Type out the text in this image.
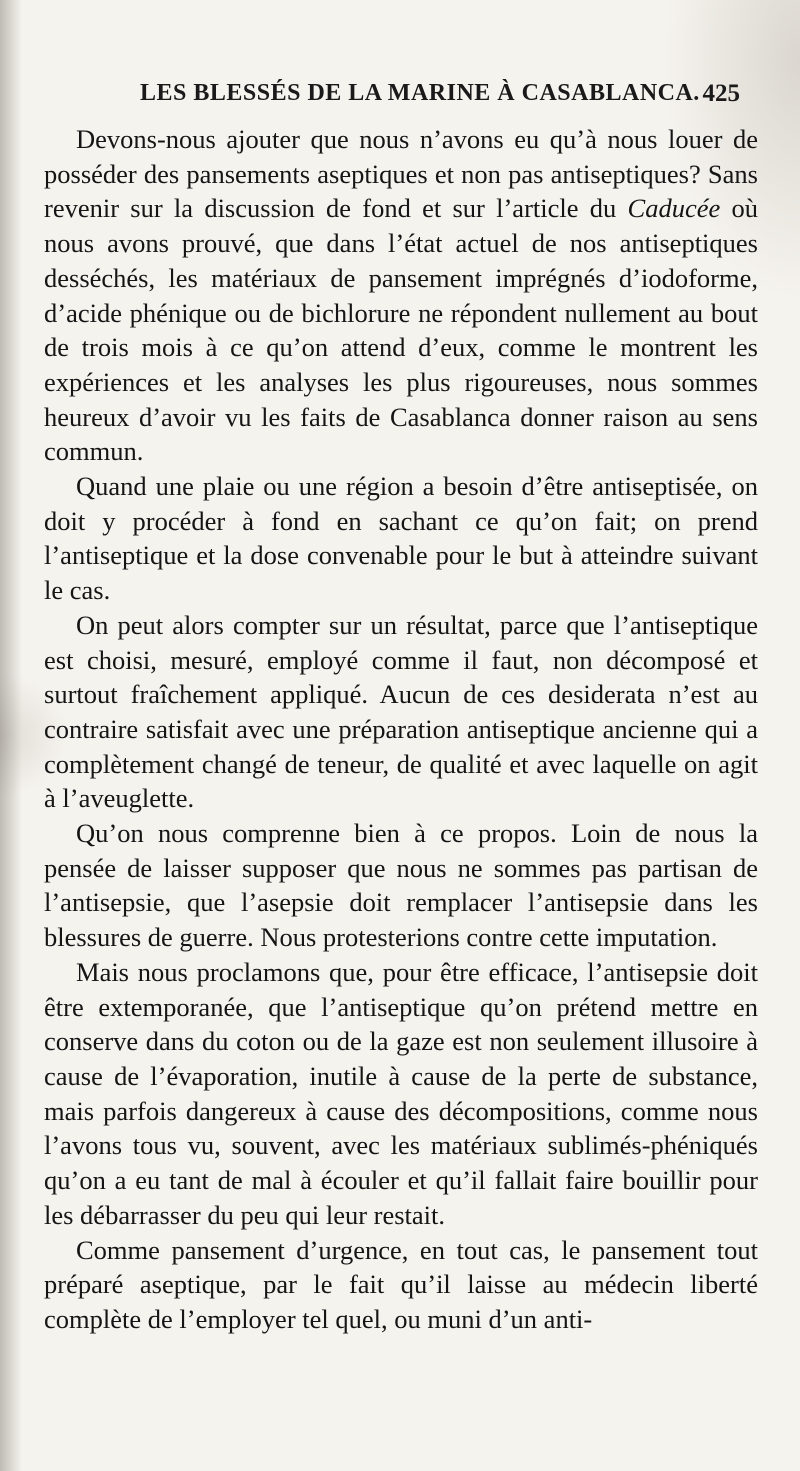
LES BLESSÉS DE LA MARINE À CASABLANCA. 425

Devons-nous ajouter que nous n’avons eu qu’à nous louer de posséder des pansements aseptiques et non pas antiseptiques? Sans revenir sur la discussion de fond et sur l’article du Caducée où nous avons prouvé, que dans l’état actuel de nos antiseptiques desséchés, les matériaux de pansement imprégnés d’iodoforme, d’acide phénique ou de bichlorure ne répondent nullement au bout de trois mois à ce qu’on attend d’eux, comme le montrent les expériences et les analyses les plus rigoureuses, nous sommes heureux d’avoir vu les faits de Casablanca donner raison au sens commun.

Quand une plaie ou une région a besoin d’être antiseptisée, on doit y procéder à fond en sachant ce qu’on fait; on prend l’antiseptique et la dose convenable pour le but à atteindre suivant le cas.

On peut alors compter sur un résultat, parce que l’antiseptique est choisi, mesuré, employé comme il faut, non décomposé et surtout fraîchement appliqué. Aucun de ces desiderata n’est au contraire satisfait avec une préparation antiseptique ancienne qui a complètement changé de teneur, de qualité et avec laquelle on agit à l’aveuglette.

Qu’on nous comprenne bien à ce propos. Loin de nous la pensée de laisser supposer que nous ne sommes pas partisan de l’antisepsie, que l’asepsie doit remplacer l’antisepsie dans les blessures de guerre. Nous protesterions contre cette imputation.

Mais nous proclamons que, pour être efficace, l’antisepsie doit être extemporanée, que l’antiseptique qu’on prétend mettre en conserve dans du coton ou de la gaze est non seulement illusoire à cause de l’évaporation, inutile à cause de la perte de substance, mais parfois dangereux à cause des décompositions, comme nous l’avons tous vu, souvent, avec les matériaux sublimés-phéniqués qu’on a eu tant de mal à écouler et qu’il fallait faire bouillir pour les débarrasser du peu qui leur restait.

Comme pansement d’urgence, en tout cas, le pansement tout préparé aseptique, par le fait qu’il laisse au médecin liberté complète de l’employer tel quel, ou muni d’un anti-
